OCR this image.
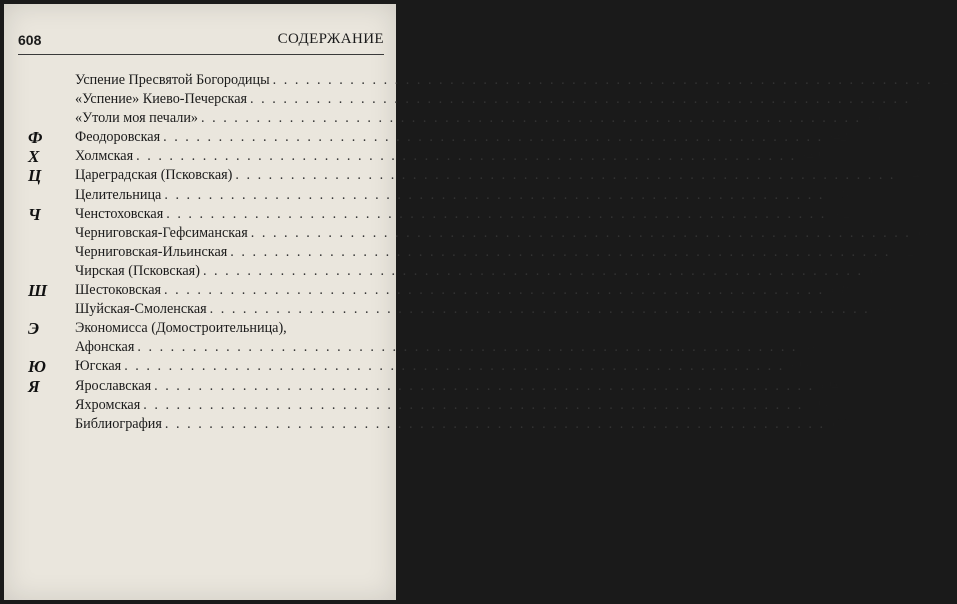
608	СОДЕРЖАНИЕ
Успение Пресвятой Богородицы . . . . . . . . . . . . . . . . . . . . . . . . . . . . . . . . . . . . . . . . . . . . . . . . . . . . . . . . . . . . 523
«Успение» Киево-Печерская . . . . . . . . . . . . . . . . . . . . . . . . . . . . . . . . . . . . . . . . . . . . . . . . . . . . . . . . . . . . 533
«Утоли моя печали» . . . . . . . . . . . . . . . . . . . . . . . . . . . . . . . . . . . . . . . . . . . . . . . . . . . . . . . . . . . . 536
Ф Феодоровская . . . . . . . . . . . . . . . . . . . . . . . . . . . . . . . . . . . . . . . . . . . . . . . . . . . . . . . . . . . . 542
Х	Холмская . . . . . . . . . . . . . . . . . . . . . . . . . . . . . . . . . . . . . . . . . . . . . . . . . . . . . . . . . . . . 549
Ц Цареградская (Псковская) . . . . . . . . . . . . . . . . . . . . . . . . . . . . . . . . . . . . . . . . . . . . . . . . . . . . . . . . . . . . 554
Целительница . . . . . . . . . . . . . . . . . . . . . . . . . . . . . . . . . . . . . . . . . . . . . . . . . . . . . . . . . . . . 559
Ч Ченстоховская . . . . . . . . . . . . . . . . . . . . . . . . . . . . . . . . . . . . . . . . . . . . . . . . . . . . . . . . . . . . 562
Черниговская-Гефсиманская . . . . . . . . . . . . . . . . . . . . . . . . . . . . . . . . . . . . . . . . . . . . . . . . . . . . . . . . . . . . 568
Черниговская-Ильинская . . . . . . . . . . . . . . . . . . . . . . . . . . . . . . . . . . . . . . . . . . . . . . . . . . . . . . . . . . . . 572
Чирская (Псковская) . . . . . . . . . . . . . . . . . . . . . . . . . . . . . . . . . . . . . . . . . . . . . . . . . . . . . . . . . . . . 575
Ш Шестоковская . . . . . . . . . . . . . . . . . . . . . . . . . . . . . . . . . . . . . . . . . . . . . . . . . . . . . . . . . . . . 578
Шуйская-Смоленская . . . . . . . . . . . . . . . . . . . . . . . . . . . . . . . . . . . . . . . . . . . . . . . . . . . . . . . . . . . . 581
Э	Экономисса (Домостроительница),
Афонская . . . . . . . . . . . . . . . . . . . . . . . . . . . . . . . . . . . . . . . . . . . . . . . . . . . . . . . . . . . . 585
Ю Югская . . . . . . . . . . . . . . . . . . . . . . . . . . . . . . . . . . . . . . . . . . . . . . . . . . . . . . . . . . . . 590
Я Ярославская . . . . . . . . . . . . . . . . . . . . . . . . . . . . . . . . . . . . . . . . . . . . . . . . . . . . . . . . . . . . 594
Яхромская . . . . . . . . . . . . . . . . . . . . . . . . . . . . . . . . . . . . . . . . . . . . . . . . . . . . . . . . . . . . 596
Библиография . . . . . . . . . . . . . . . . . . . . . . . . . . . . . . . . . . . . . . . . . . . . . . . . . . . . . . . . . . . . 599
